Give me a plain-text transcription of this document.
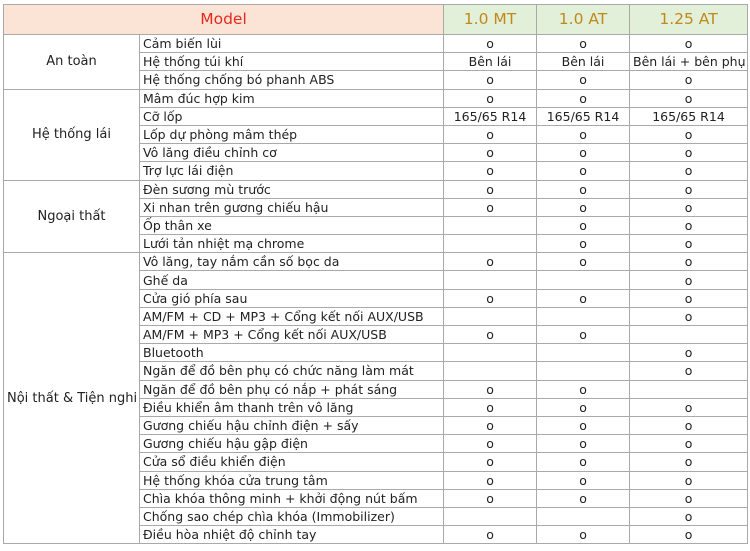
Model		1.0 MT	1.0 AT	1.25 AT
An toàn	Cảm biến lùi	o	o	o
	Hệ thống túi khí	Bên lái	Bên lái	Bên lái + bên phụ
	Hệ thống chống bó phanh ABS	o	o	o
Hệ thống lái	Mâm đúc hợp kim	o	o	o
	Cỡ lốp	165/65 R14	165/65 R14	165/65 R14
	Lốp dự phòng mâm thép	o	o	o
	Vô lăng điều chỉnh cơ	o	o	o
	Trợ lực lái điện	o	o	o
Ngoại thất	Đèn sương mù trước	o	o	o
	Xi nhan trên gương chiếu hậu	o	o	o
	Ốp thân xe		o	o
	Lưới tản nhiệt mạ chrome		o	o
Nội thất & Tiện nghi	Vô lăng, tay nắm cần số bọc da	o	o	o
	Ghế da			o
	Cửa gió phía sau	o	o	o
	AM/FM + CD + MP3 + Cổng kết nối AUX/USB			o
	AM/FM + MP3 + Cổng kết nối AUX/USB	o	o	
	Bluetooth			o
	Ngăn để đồ bên phụ có chức năng làm mát			o
	Ngăn để đồ bên phụ có nắp + phát sáng	o	o	
	Điều khiển âm thanh trên vô lăng	o	o	o
	Gương chiếu hậu chỉnh điện + sấy	o	o	o
	Gương chiếu hậu gập điện	o	o	o
	Cửa sổ điều khiển điện	o	o	o
	Hệ thống khóa cửa trung tâm	o	o	o
	Chìa khóa thông minh + khởi động nút bấm	o	o	o
	Chống sao chép chìa khóa (Immobilizer)			o
	Điều hòa nhiệt độ chỉnh tay	o	o	o
